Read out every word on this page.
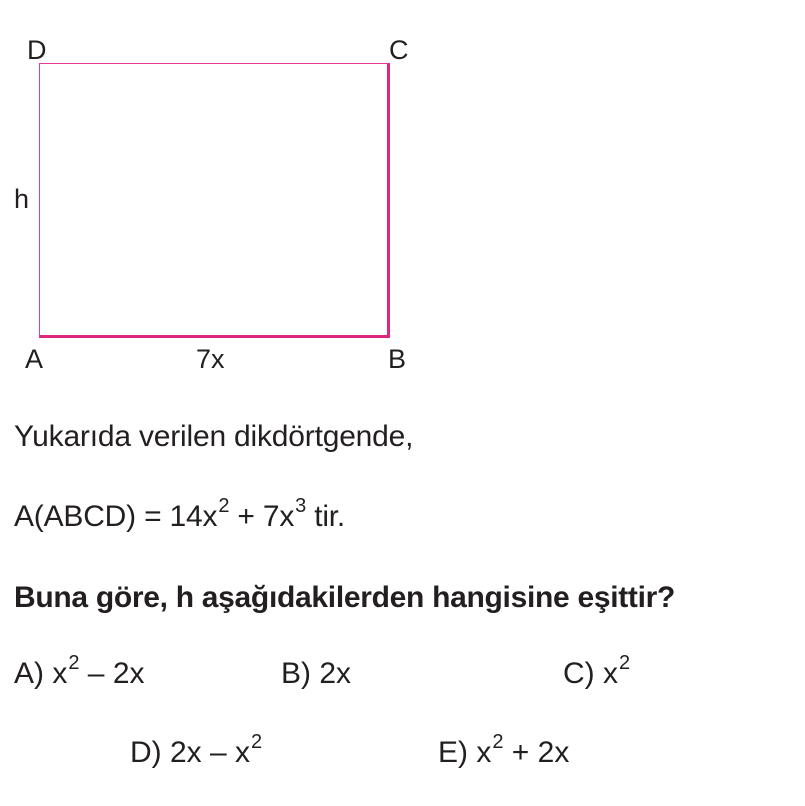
D	C
A	B
h
7x
Yukarıda verilen dikdörtgende,
A(ABCD) = $14x^2 + 7x^3$ tir.
Buna göre, h aşağıdakilerden hangisine eşittir?
A) $x^2 - 2x$	B) 2x	C) $x^2$
D) $2x - x^2$	E) $x^2 + 2x$
